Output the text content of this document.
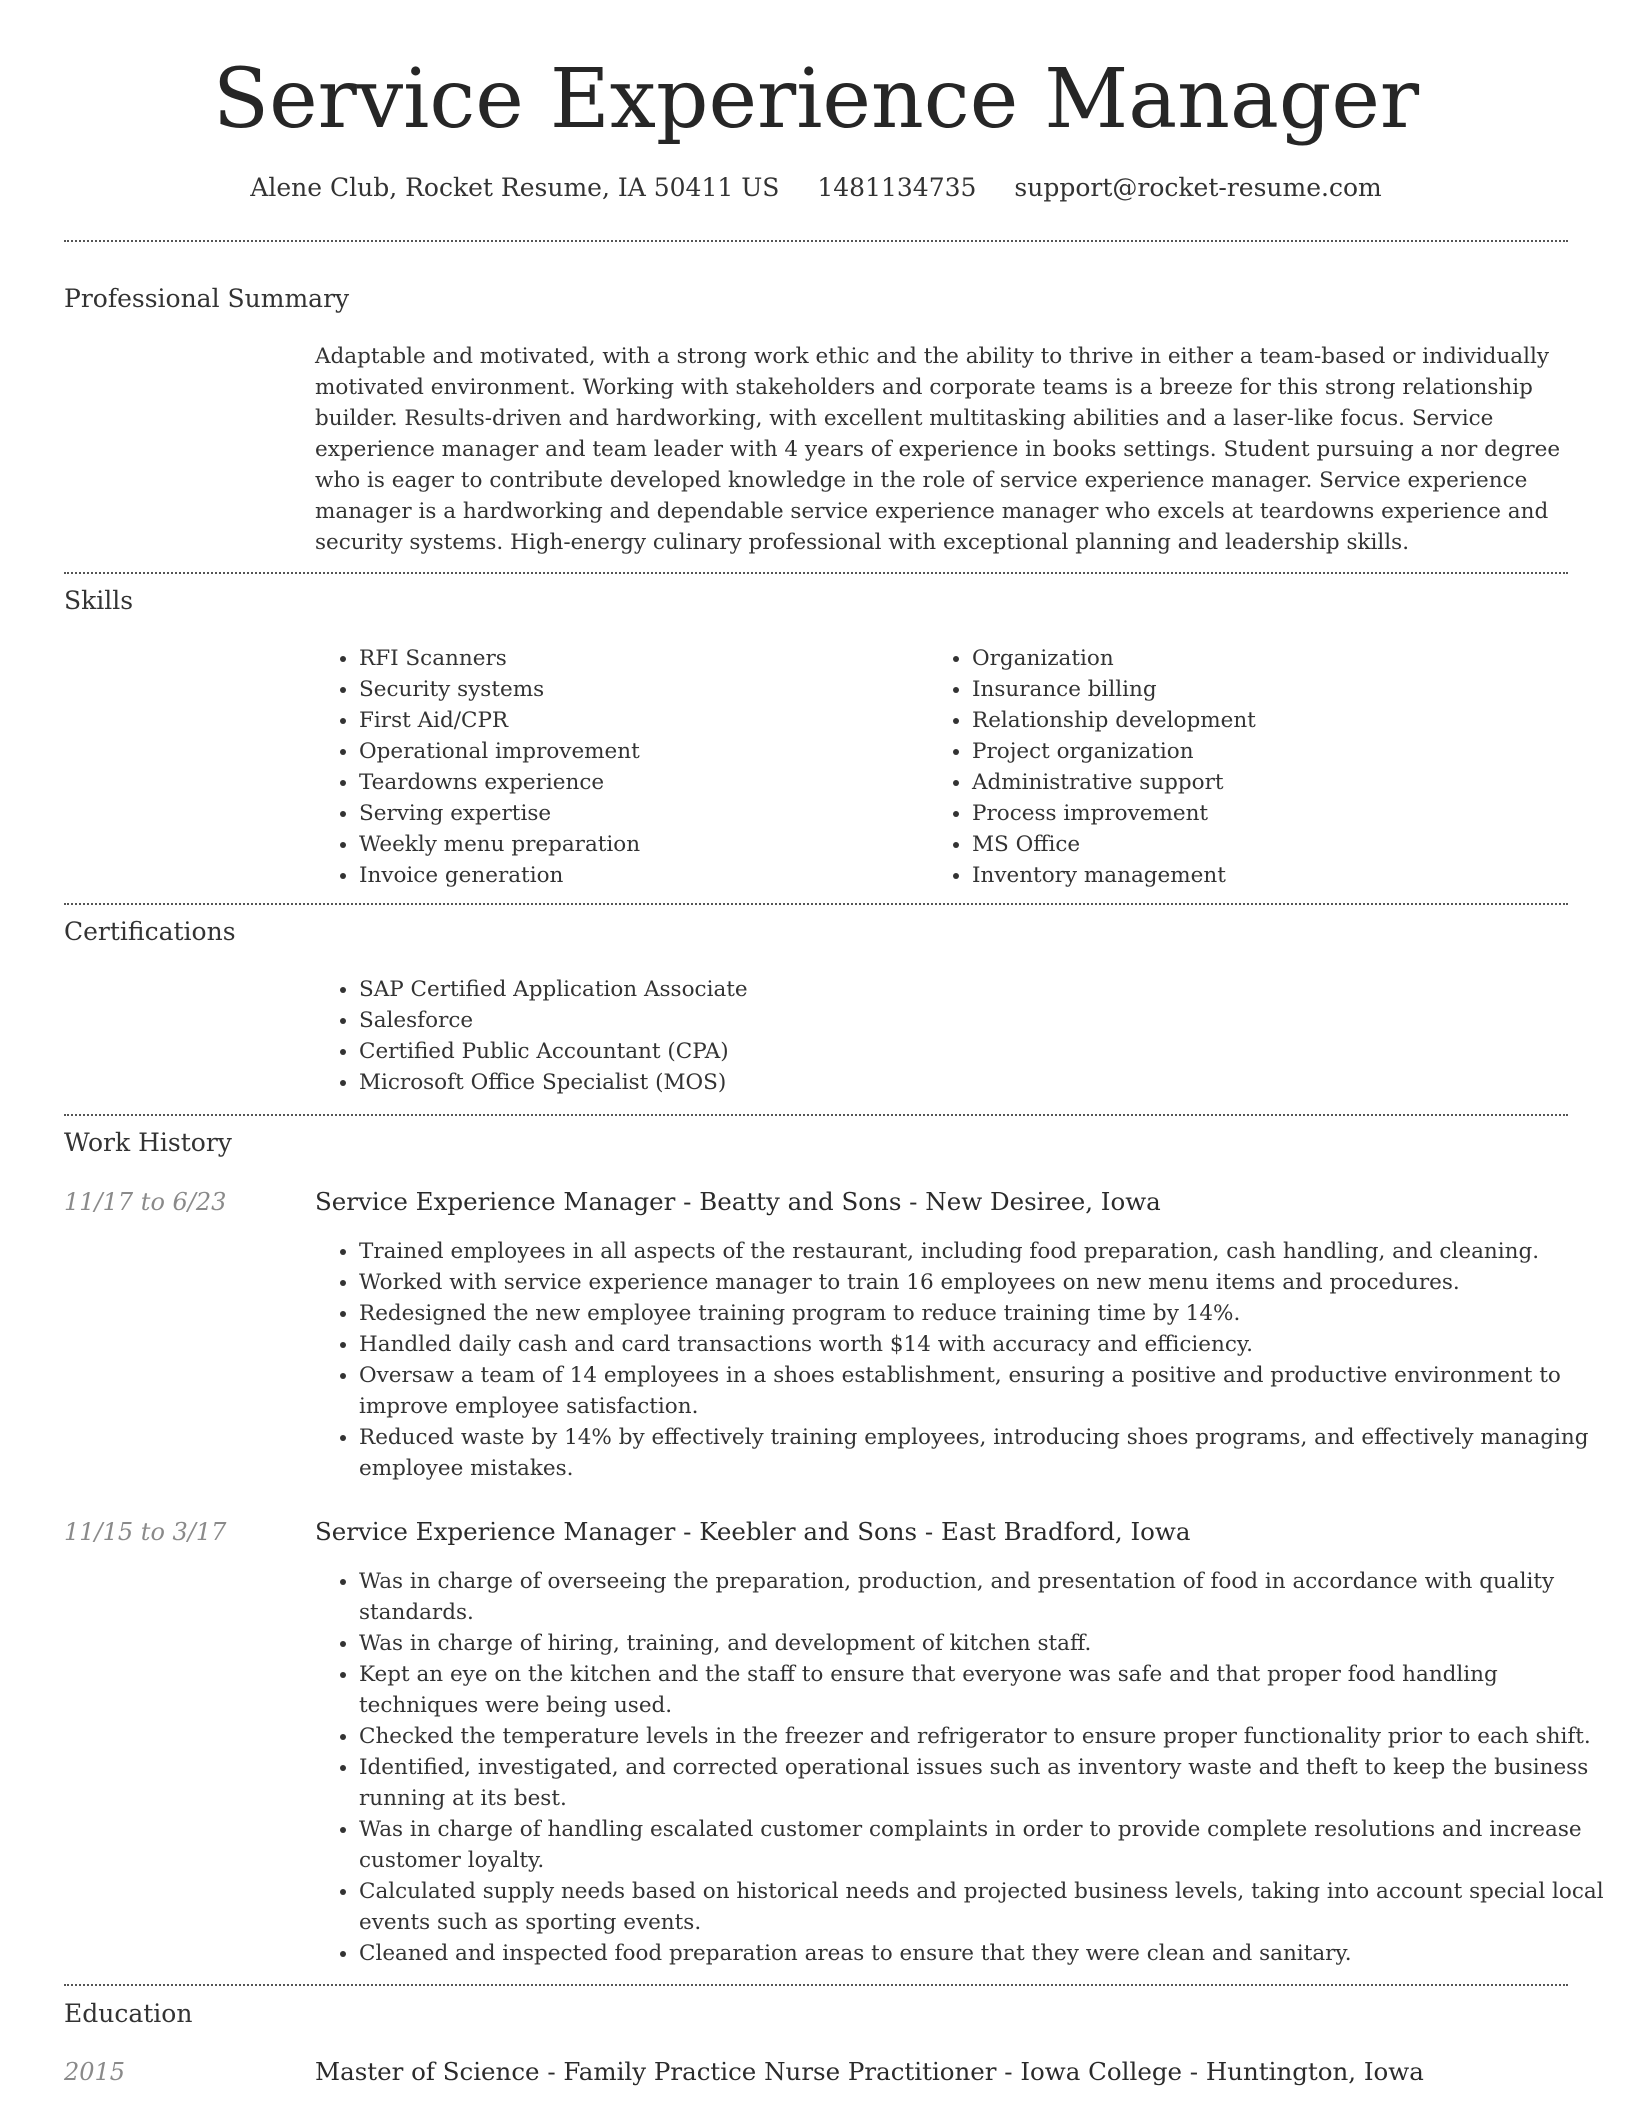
Service Experience Manager
Alene Club, Rocket Resume, IA 50411 US 1481134735 support@rocket-resume.com
Professional Summary
Adaptable and motivated, with a strong work ethic and the ability to thrive in either a team-based or individually motivated environment. Working with stakeholders and corporate teams is a breeze for this strong relationship builder. Results-driven and hardworking, with excellent multitasking abilities and a laser-like focus. Service experience manager and team leader with 4 years of experience in books settings. Student pursuing a nor degree who is eager to contribute developed knowledge in the role of service experience manager. Service experience manager is a hardworking and dependable service experience manager who excels at teardowns experience and security systems. High-energy culinary professional with exceptional planning and leadership skills.
Skills
• RFI Scanners
• Security systems
• First Aid/CPR
• Operational improvement
• Teardowns experience
• Serving expertise
• Weekly menu preparation
• Invoice generation
• Organization
• Insurance billing
• Relationship development
• Project organization
• Administrative support
• Process improvement
• MS Office
• Inventory management
Certifications
• SAP Certified Application Associate
• Salesforce
• Certified Public Accountant (CPA)
• Microsoft Office Specialist (MOS)
Work History
11/17 to 6/23	Service Experience Manager - Beatty and Sons - New Desiree, Iowa
• Trained employees in all aspects of the restaurant, including food preparation, cash handling, and cleaning.
• Worked with service experience manager to train 16 employees on new menu items and procedures.
• Redesigned the new employee training program to reduce training time by 14%.
• Handled daily cash and card transactions worth $14 with accuracy and efficiency.
• Oversaw a team of 14 employees in a shoes establishment, ensuring a positive and productive environment to improve employee satisfaction.
• Reduced waste by 14% by effectively training employees, introducing shoes programs, and effectively managing employee mistakes.
11/15 to 3/17	Service Experience Manager - Keebler and Sons - East Bradford, Iowa
• Was in charge of overseeing the preparation, production, and presentation of food in accordance with quality standards.
• Was in charge of hiring, training, and development of kitchen staff.
• Kept an eye on the kitchen and the staff to ensure that everyone was safe and that proper food handling techniques were being used.
• Checked the temperature levels in the freezer and refrigerator to ensure proper functionality prior to each shift.
• Identified, investigated, and corrected operational issues such as inventory waste and theft to keep the business running at its best.
• Was in charge of handling escalated customer complaints in order to provide complete resolutions and increase customer loyalty.
• Calculated supply needs based on historical needs and projected business levels, taking into account special local events such as sporting events.
• Cleaned and inspected food preparation areas to ensure that they were clean and sanitary.
Education
2015	Master of Science - Family Practice Nurse Practitioner - Iowa College - Huntington, Iowa
